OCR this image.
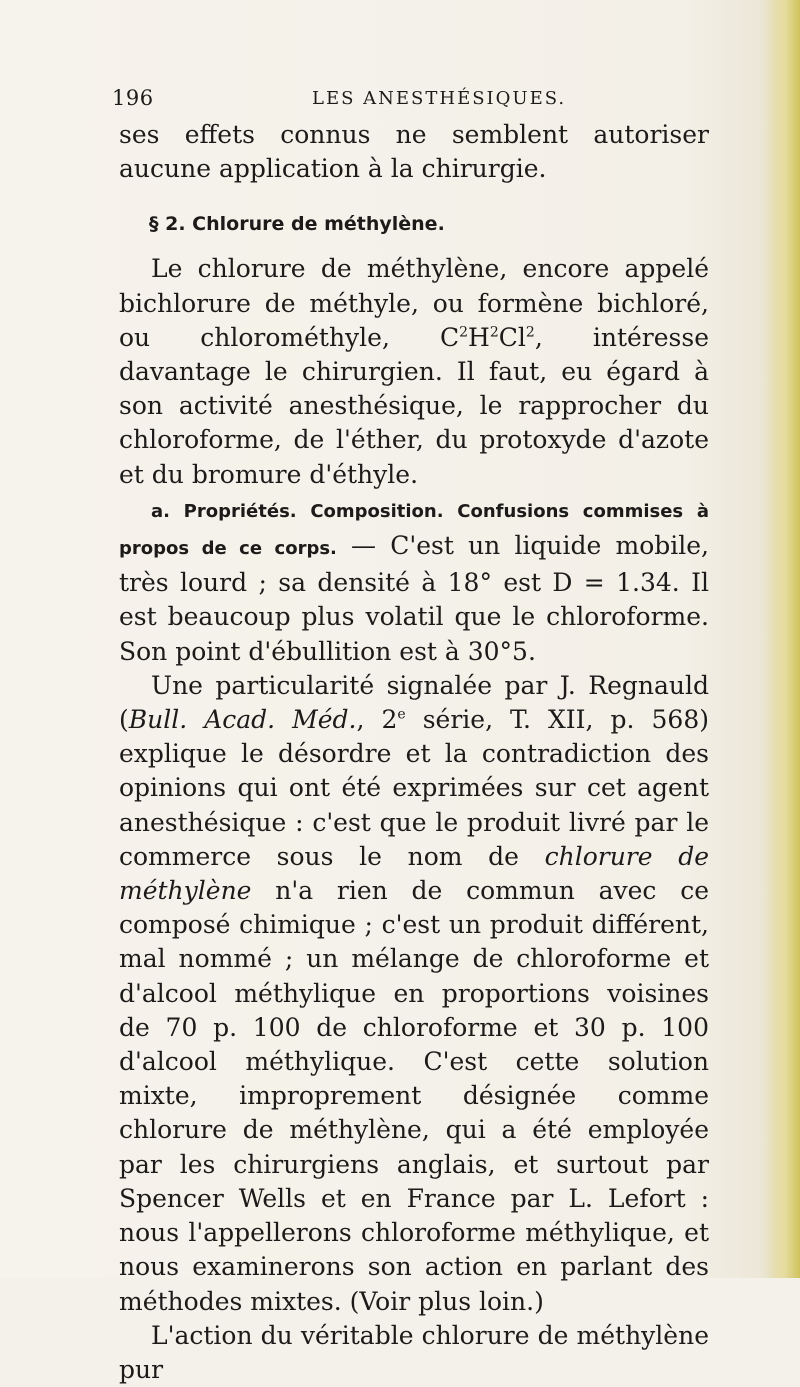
196	LES ANESTHÉSIQUES.

ses effets connus ne semblent autoriser aucune application à la chirurgie.

§ 2. Chlorure de méthylène.

Le chlorure de méthylène, encore appelé bichlorure de méthyle, ou formène bichloré, ou chlorométhyle, $C^2H^2Cl^2$, intéresse davantage le chirurgien. Il faut, eu égard à son activité anesthésique, le rapprocher du chloroforme, de l'éther, du protoxyde d'azote et du bromure d'éthyle.

a. Propriétés. Composition. Confusions commises à propos de ce corps. — C'est un liquide mobile, très lourd ; sa densité à 18° est D = 1.34. Il est beaucoup plus volatil que le chloroforme. Son point d'ébullition est à 30°5.

Une particularité signalée par J. Regnauld (Bull. Acad. Méd., 2e série, T. XII, p. 568) explique le désordre et la contradiction des opinions qui ont été exprimées sur cet agent anesthésique : c'est que le produit livré par le commerce sous le nom de chlorure de méthylène n'a rien de commun avec ce composé chimique ; c'est un produit différent, mal nommé ; un mélange de chloroforme et d'alcool méthylique en proportions voisines de 70 p. 100 de chloroforme et 30 p. 100 d'alcool méthylique. C'est cette solution mixte, improprement désignée comme chlorure de méthylène, qui a été employée par les chirurgiens anglais, et surtout par Spencer Wells et en France par L. Lefort : nous l'appellerons chloroforme méthylique, et nous examinerons son action en parlant des méthodes mixtes. (Voir plus loin.)

L'action du véritable chlorure de méthylène pur
